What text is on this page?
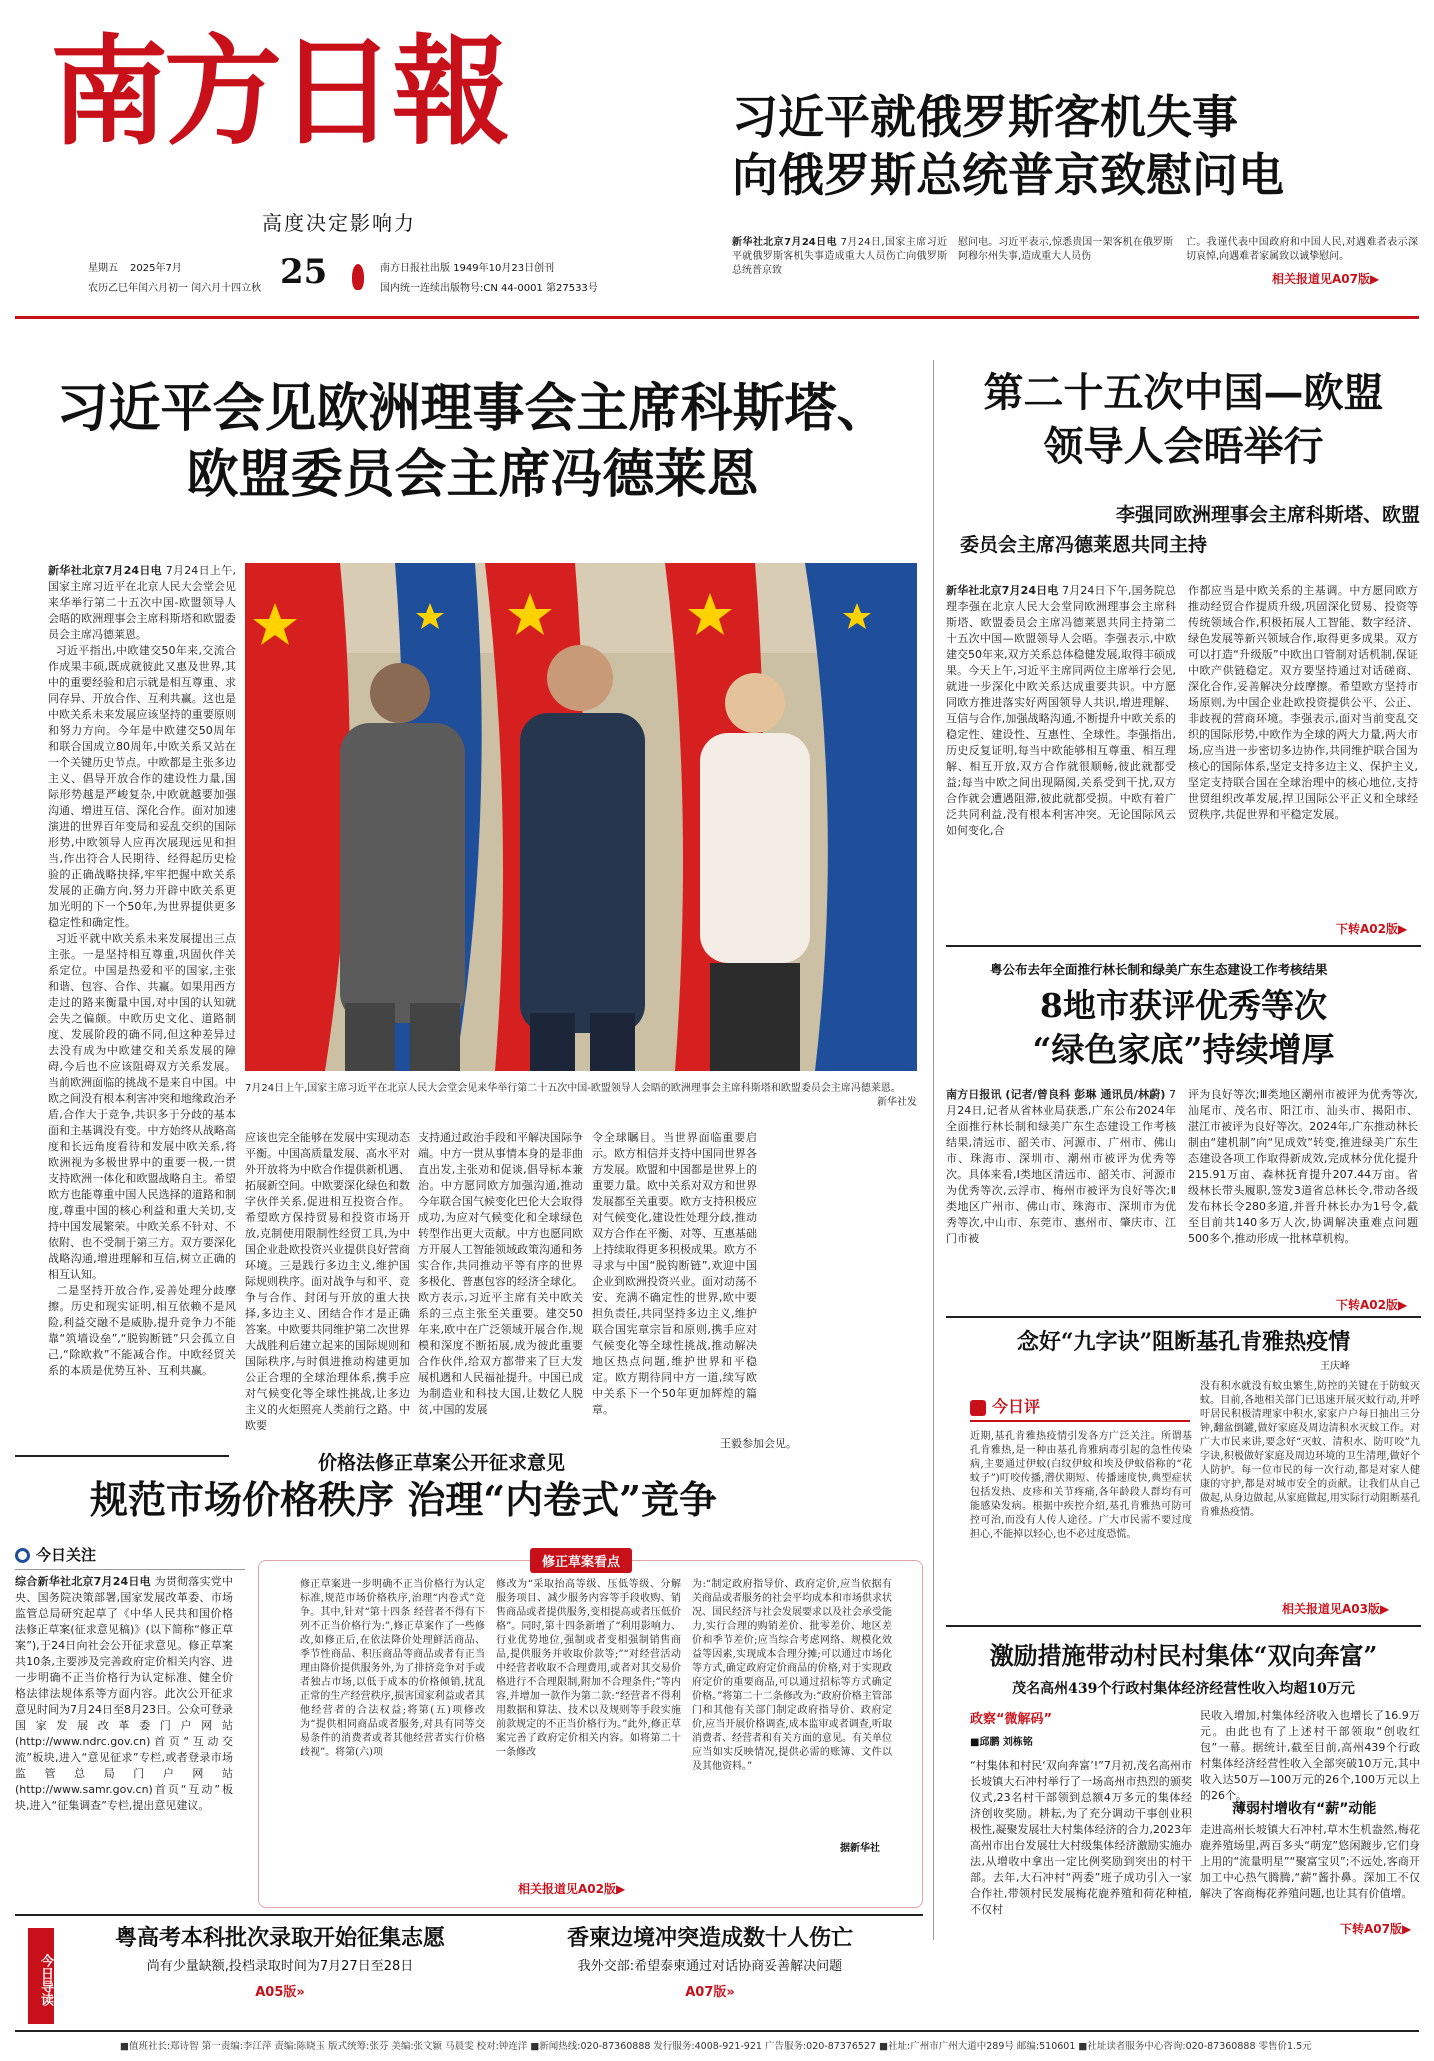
南方日報
高度决定影响力
星期五 2025年7月	25
农历乙巳年闰六月初一 闰六月十四立秋
南方日报社出版 1949年10月23日创刊
国内统一连续出版物号:CN 44-0001 第27533号
习近平就俄罗斯客机失事
向俄罗斯总统普京致慰问电
新华社北京7月24日电 7月24日,国家主席习近平就俄罗斯客机失事造成重大人员伤亡向俄罗斯总统普京致
慰问电。习近平表示,惊悉贵国一架客机在俄罗斯阿穆尔州失事,造成重大人员伤
亡。我谨代表中国政府和中国人民,对遇难者表示深切哀悼,向遇难者家属致以诚挚慰问。
相关报道见A07版▶
习近平会见欧洲理事会主席科斯塔、
欧盟委员会主席冯德莱恩
新华社北京7月24日电 7月24日上午,国家主席习近平在北京人民大会堂会见来华举行第二十五次中国-欧盟领导人会晤的欧洲理事会主席科斯塔和欧盟委员会主席冯德莱恩。
习近平指出,中欧建交50年来,交流合作成果丰硕,既成就彼此又惠及世界,其中的重要经验和启示就是相互尊重、求同存异、开放合作、互利共赢。这也是中欧关系未来发展应该坚持的重要原则和努力方向。今年是中欧建交50周年和联合国成立80周年,中欧关系又站在一个关键历史节点。中欧都是主张多边主义、倡导开放合作的建设性力量,国际形势越是严峻复杂,中欧就越要加强沟通、增进互信、深化合作。面对加速演进的世界百年变局和妥乱交织的国际形势,中欧领导人应再次展现远见和担当,作出符合人民期待、经得起历史检验的正确战略抉择,牢牢把握中欧关系发展的正确方向,努力开辟中欧关系更加光明的下一个50年,为世界提供更多稳定性和确定性。
习近平就中欧关系未来发展提出三点主张。一是坚持相互尊重,巩固伙伴关系定位。中国是热爱和平的国家,主张和谐、包容、合作、共赢。如果用西方走过的路来衡量中国,对中国的认知就会失之偏颇。中欧历史文化、道路制度、发展阶段的确不同,但这种差异过去没有成为中欧建交和关系发展的障碍,今后也不应该阻碍双方关系发展。当前欧洲面临的挑战不是来自中国。中欧之间没有根本利害冲突和地缘政治矛盾,合作大于竞争,共识多于分歧的基本面和主基调没有变。中方始终从战略高度和长远角度看待和发展中欧关系,将欧洲视为多极世界中的重要一极,一贯支持欧洲一体化和欧盟战略自主。希望欧方也能尊重中国人民选择的道路和制度,尊重中国的核心利益和重大关切,支持中国发展繁荣。中欧关系不针对、不依附、也不受制于第三方。双方要深化战略沟通,增进理解和互信,树立正确的相互认知。
二是坚持开放合作,妥善处理分歧摩擦。历史和现实证明,相互依赖不是风险,利益交融不是威胁,提升竞争力不能靠“筑墙设垒”,“脱钩断链”只会孤立自己,“除欧救”不能减合作。中欧经贸关系的本质是优势互补、互利共赢。
7月24日上午,国家主席习近平在北京人民大会堂会见来华举行第二十五次中国-欧盟领导人会晤的欧洲理事会主席科斯塔和欧盟委员会主席冯德莱恩。
新华社发
应该也完全能够在发展中实现动态平衡。中国高质量发展、高水平对外开放将为中欧合作提供新机遇、拓展新空间。中欧要深化绿色和数字伙伴关系,促进相互投资合作。希望欧方保持贸易和投资市场开放,克制使用限制性经贸工具,为中国企业赴欧投资兴业提供良好营商环境。三是践行多边主义,维护国际规则秩序。面对战争与和平、竞争与合作、封闭与开放的重大抉择,多边主义、团结合作才是正确答案。中欧要共同维护第二次世界大战胜利后建立起来的国际规则和国际秩序,与时俱进推动构建更加公正合理的全球治理体系,携手应对气候变化等全球性挑战,让多边主义的火炬照亮人类前行之路。中欧要
支持通过政治手段和平解决国际争端。中方一贯从事情本身的是非曲直出发,主张劝和促谈,倡导标本兼治。中方愿同欧方加强沟通,推动今年联合国气候变化巴伦大会取得成功,为应对气候变化和全球绿色转型作出更大贡献。中方也愿同欧方开展人工智能领域政策沟通和务实合作,共同推动平等有序的世界多极化、普惠包容的经济全球化。欧方表示,习近平主席有关中欧关系的三点主张至关重要。建交50年来,欧中在广泛领域开展合作,规模和深度不断拓展,成为彼此重要合作伙伴,给双方都带来了巨大发展机遇和人民福祉提升。中国已成为制造业和科技大国,让数亿人脱贫,中国的发展
令全球瞩目。当世界面临重要启示。欧方相信并支持中国同世界各方发展。欧盟和中国都是世界上的重要力量。欧中关系对双方和世界发展都至关重要。欧方支持积极应对气候变化,建设性处理分歧,推动双方合作在平衡、对等、互惠基础上持续取得更多积极成果。欧方不寻求与中国“脱钩断链”,欢迎中国企业到欧洲投资兴业。面对动荡不安、充满不确定性的世界,欧中要担负责任,共同坚持多边主义,维护联合国宪章宗旨和原则,携手应对气候变化等全球性挑战,推动解决地区热点问题,维护世界和平稳定。欧方期待同中方一道,续写欧中关系下一个50年更加辉煌的篇章。
王毅参加会见。
第二十五次中国—欧盟
领导人会晤举行
李强同欧洲理事会主席科斯塔、欧盟
委员会主席冯德莱恩共同主持
新华社北京7月24日电 7月24日下午,国务院总理李强在北京人民大会堂同欧洲理事会主席科斯塔、欧盟委员会主席冯德莱恩共同主持第二十五次中国—欧盟领导人会晤。李强表示,中欧建交50年来,双方关系总体稳健发展,取得丰硕成果。今天上午,习近平主席同两位主席举行会见,就进一步深化中欧关系达成重要共识。中方愿同欧方推进落实好两国领导人共识,增进理解、互信与合作,加强战略沟通,不断提升中欧关系的稳定性、建设性、互惠性、全球性。李强指出,历史反复证明,每当中欧能够相互尊重、相互理解、相互开放,双方合作就很顺畅,彼此就都受益;每当中欧之间出现隔阂,关系受到干扰,双方合作就会遭遇阻滞,彼此就都受损。中欧有着广泛共同利益,没有根本利害冲突。无论国际风云如何变化,合
作都应当是中欧关系的主基调。中方愿同欧方推动经贸合作提质升级,巩固深化贸易、投资等传统领域合作,积极拓展人工智能、数字经济、绿色发展等新兴领域合作,取得更多成果。双方可以打造“升级版”中欧出口管制对话机制,保证中欧产供链稳定。双方要坚持通过对话磋商、深化合作,妥善解决分歧摩擦。希望欧方坚持市场原则,为中国企业赴欧投资提供公平、公正、非歧视的营商环境。李强表示,面对当前变乱交织的国际形势,中欧作为全球的两大力量,两大市场,应当进一步密切多边协作,共同维护联合国为核心的国际体系,坚定支持多边主义、保护主义,坚定支持联合国在全球治理中的核心地位,支持世贸组织改革发展,捍卫国际公平正义和全球经贸秩序,共促世界和平稳定发展。
下转A02版▶
粤公布去年全面推行林长制和绿美广东生态建设工作考核结果
8地市获评优秀等次
“绿色家底”持续增厚
南方日报讯 (记者/曾良科 彭琳 通讯员/林蔚) 7月24日,记者从省林业局获悉,广东公布2024年全面推行林长制和绿美广东生态建设工作考核结果,清远市、韶关市、河源市、广州市、佛山市、珠海市、深圳市、潮州市被评为优秀等次。具体来看,Ⅰ类地区清远市、韶关市、河源市为优秀等次,云浮市、梅州市被评为良好等次;Ⅱ类地区广州市、佛山市、珠海市、深圳市为优秀等次,中山市、东莞市、惠州市、肇庆市、江门市被
评为良好等次;Ⅲ类地区潮州市被评为优秀等次,汕尾市、茂名市、阳江市、汕头市、揭阳市、湛江市被评为良好等次。2024年,广东推动林长制由“建机制”向“见成效”转变,推进绿美广东生态建设各项工作取得新成效,完成林分优化提升215.91万亩、森林抚育提升207.44万亩。省级林长带头履职,签发3道省总林长令,带动各级发布林长令280多道,并晋升林长办为1号令,截至目前共140多万人次,协调解决重难点问题500多个,推动形成一批林草机构。
下转A02版▶
念好“九字诀”阻断基孔肯雅热疫情
王庆峰
今日评
近期,基孔肯雅热疫情引发各方广泛关注。所谓基孔肯雅热,是一种由基孔肯雅病毒引起的急性传染病,主要通过伊蚊(白纹伊蚊和埃及伊蚊俗称的“花蚊子”)叮咬传播,潜伏期短、传播速度快,典型症状包括发热、皮疹和关节疼痛,各年龄段人群均有可能感染发病。根据中疾控介绍,基孔肯雅热可防可控可治,而没有人传人途径。广大市民需不要过度担心,不能掉以轻心,也不必过度恐慌。
没有积水就没有蚊虫繁生,防控的关键在于防蚊灭蚊。目前,各地相关部门已迅速开展灭蚊行动,并呼吁居民积极清理家中积水,家家户户每日抽出三分钟,翻盆倒罐,做好家庭及周边清积水灭蚊工作。对广大市民来讲,要念好“灭蚊、清积水、防叮咬”九字诀,积极做好家庭及周边环境的卫生清理,做好个人防护。每一位市民的每一次行动,都是对家人健康的守护,都是对城市安全的贡献。让我们从自己做起,从身边做起,从家庭做起,用实际行动阻断基孔肯雅热疫情。
相关报道见A03版▶
价格法修正草案公开征求意见
规范市场价格秩序 治理“内卷式”竞争
今日关注
综合新华社北京7月24日电 为贯彻落实党中央、国务院决策部署,国家发展改革委、市场监管总局研究起草了《中华人民共和国价格法修正草案(征求意见稿)》(以下简称“修正草案”),于24日向社会公开征求意见。修正草案共10条,主要涉及完善政府定价相关内容、进一步明确不正当价格行为认定标准、健全价格法律法规体系等方面内容。此次公开征求意见时间为7月24日至8月23日。公众可登录国家发展改革委门户网站(http://www.ndrc.gov.cn)首页“互动交流”板块,进入“意见征求”专栏,或者登录市场监管总局门户网站(http://www.samr.gov.cn)首页“互动”板块,进入“征集调查”专栏,提出意见建议。
修正草案看点
修正草案进一步明确不正当价格行为认定标准,规范市场价格秩序,治理“内卷式”竞争。其中,针对“第十四条 经营者不得有下列不正当价格行为:”,修正草案作了一些修改,如修正后,在依法降价处理鲜活商品、季节性商品、积压商品等商品或者有正当理由降价提供服务外,为了排挤竞争对手或者独占市场,以低于成本的价格倾销,扰乱正常的生产经营秩序,损害国家利益或者其他经营者的合法权益;将第(五)项修改为“提供相同商品或者服务,对具有同等交易条件的消费者或者其他经营者实行价格歧视”。将第(六)项
修改为“采取抬高等级、压低等级、分解服务项目、减少服务内容等手段收购、销售商品或者提供服务,变相提高或者压低价格”。同时,第十四条新增了“利用影响力、行业优势地位,强制或者变相强制销售商品,提供服务并收取价款等;”“对经营活动中经营者收取不合理费用,或者对其交易价格进行不合理限制,附加不合理条件;”等内容,并增加一款作为第二款:“经营者不得利用数据和算法、技术以及规则等手段实施前款规定的不正当价格行为。”此外,修正草案完善了政府定价相关内容。如将第二十一条修改
为:“制定政府指导价、政府定价,应当依据有关商品或者服务的社会平均成本和市场供求状况、国民经济与社会发展要求以及社会承受能力,实行合理的购销差价、批零差价、地区差价和季节差价;应当综合考虑网络、规模化效益等因素,实现成本合理分摊;可以通过市场化等方式,确定政府定价商品的价格,对于实现政府定价的重要商品,可以通过招标等方式确定价格。”将第二十二条修改为:“政府价格主管部门和其他有关部门制定政府指导价、政府定价,应当开展价格调查,成本监审或者调查,听取消费者、经营者和有关方面的意见。有关单位应当如实反映情况,提供必需的账簿、文件以及其他资料。”
据新华社
相关报道见A02版▶
激励措施带动村民村集体“双向奔富”
茂名高州439个行政村集体经济经营性收入均超10万元
政察“微解码”
■邱鹏 刘栋铭
“村集体和村民‘双向奔富’!”7月初,茂名高州市长坡镇大石冲村举行了一场高州市热烈的颁奖仪式,23名村干部领到总额4万多元的集体经济创收奖励。耕耘,为了充分调动干事创业积极性,凝聚发展壮大村集体经济的合力,2023年高州市出台发展壮大村级集体经济激励实施办法,从增收中拿出一定比例奖励到突出的村干部。去年,大石冲村“两委”班子成功引入一家合作社,带领村民发展梅花鹿养殖和荷花种植,不仅村
民收入增加,村集体经济收入也增长了16.9万元。由此也有了上述村干部领取“创收红包”一幕。据统计,截至目前,高州439个行政村集体经济经营性收入全部突破10万元,其中收入达50万—100万元的26个,100万元以上的26个。
薄弱村增收有“薪”动能
走进高州长坡镇大石冲村,草木生机盎然,梅花鹿养殖场里,两百多头“萌宠”悠闲踱步,它们身上用的“流量明星”“聚富宝贝”;不远处,客商开加工中心热气腾腾,“薪”酱扑鼻。深加工不仅解决了客商梅花养殖问题,也让其有价值增。
下转A07版▶
今日导读
粤高考本科批次录取开始征集志愿
尚有少量缺额,投档录取时间为7月27日至28日
A05版»
香柬边境冲突造成数十人伤亡
我外交部:希望泰柬通过对话协商妥善解决问题
A07版»
■值班社长:郑诗智 第一责编:李江萍 责编:陈晓玉 版式统筹:张芬 美编:张文颖 马晨雯 校对:钟连洋 ■新闻热线:020-87360888 发行服务:4008-921-921 广告服务:020-87376527 ■社址:广州市广州大道中289号 邮编:510601 ■社址读者服务中心咨询:020-87360888 零售价1.5元
